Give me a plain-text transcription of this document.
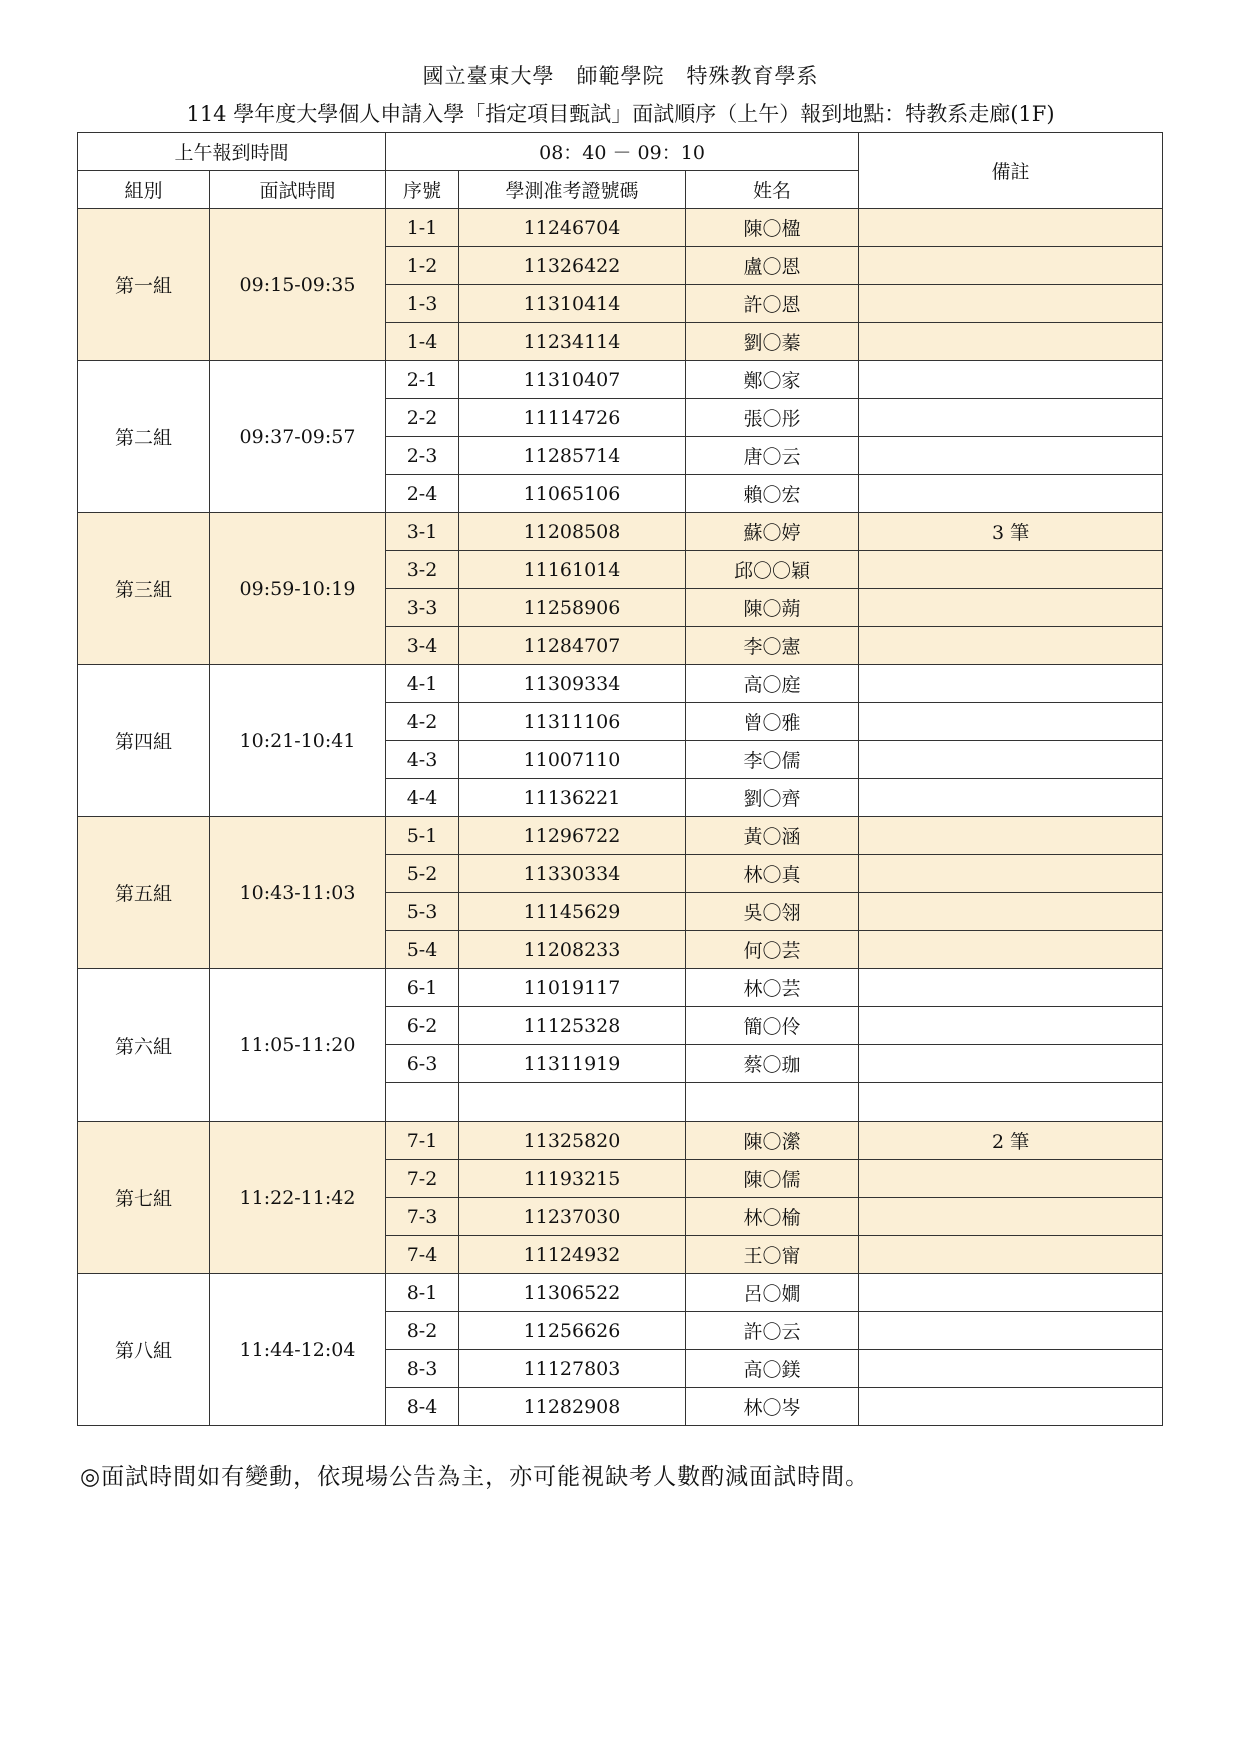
國立臺東大學　師範學院　特殊教育學系
114 學年度大學個人申請入學「指定項目甄試」面試順序（上午）報到地點：特教系走廊(1F)
上午報到時間		08：40 － 09：10			備註
組別	面試時間	序號	學測准考證號碼	姓名	
第一組	09:15-09:35	1-1	11246704	陳〇楹	
		1-2	11326422	盧〇恩	
		1-3	11310414	許〇恩	
		1-4	11234114	劉〇蓁	
第二組	09:37-09:57	2-1	11310407	鄭〇家	
		2-2	11114726	張〇彤	
		2-3	11285714	唐〇云	
		2-4	11065106	賴〇宏	
第三組	09:59-10:19	3-1	11208508	蘇〇婷	3 筆
		3-2	11161014	邱〇〇穎	
		3-3	11258906	陳〇蒴	
		3-4	11284707	李〇憲	
第四組	10:21-10:41	4-1	11309334	高〇庭	
		4-2	11311106	曾〇雅	
		4-3	11007110	李〇儒	
		4-4	11136221	劉〇齊	
第五組	10:43-11:03	5-1	11296722	黃〇涵	
		5-2	11330334	林〇真	
		5-3	11145629	吳〇翎	
		5-4	11208233	何〇芸	
第六組	11:05-11:20	6-1	11019117	林〇芸	
		6-2	11125328	簡〇伶	
		6-3	11311919	蔡〇珈	

第七組	11:22-11:42	7-1	11325820	陳〇瀠	2 筆
		7-2	11193215	陳〇儒	
		7-3	11237030	林〇榆	
		7-4	11124932	王〇甯	
第八組	11:44-12:04	8-1	11306522	呂〇嫺	
		8-2	11256626	許〇云	
		8-3	11127803	高〇鎂	
		8-4	11282908	林〇岑	
◎面試時間如有變動，依現場公告為主，亦可能視缺考人數酌減面試時間。
